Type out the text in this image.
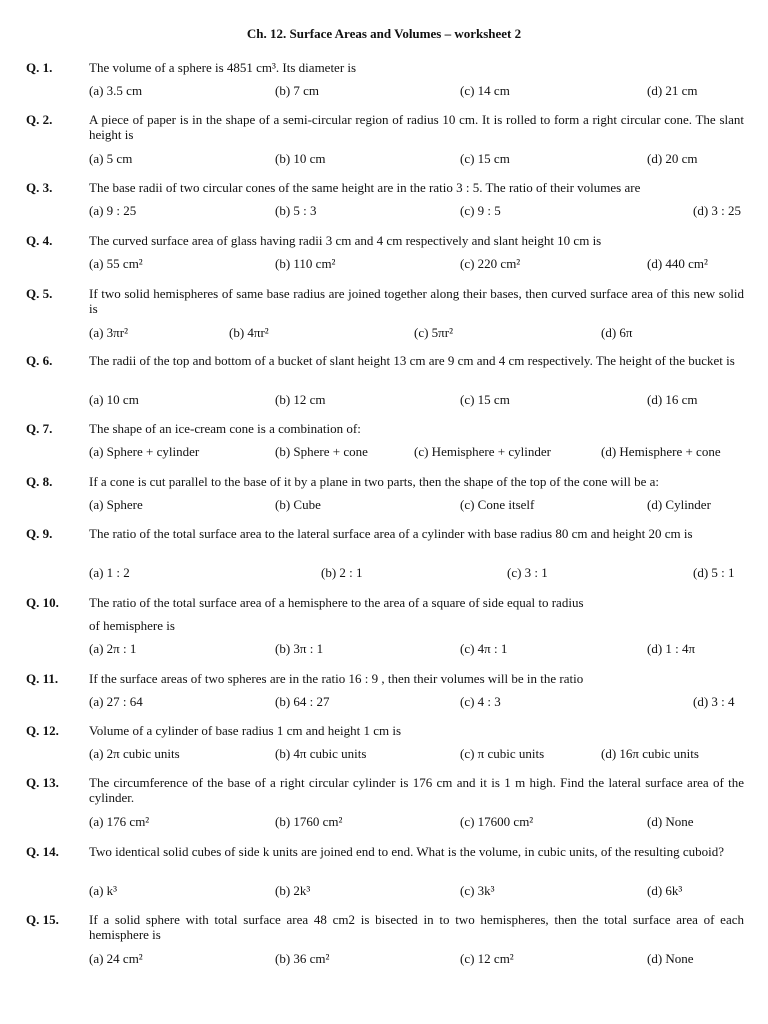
Ch. 12. Surface Areas and Volumes – worksheet 2
Q. 1.	The volume of a sphere is 4851 cm³. Its diameter is
(a) 3.5 cm	(b) 7 cm	(c) 14 cm	(d) 21 cm
Q. 2.	A piece of paper is in the shape of a semi-circular region of radius 10 cm. It is rolled to form a right circular cone. The slant height is
(a) 5 cm	(b) 10 cm	(c) 15 cm	(d) 20 cm
Q. 3.	The base radii of two circular cones of the same height are in the ratio 3 : 5. The ratio of their volumes are
(a) 9 : 25	(b) 5 : 3	(c) 9 : 5	(d) 3 : 25
Q. 4.	The curved surface area of glass having radii 3 cm and 4 cm respectively and slant height 10 cm is
(a) 55 cm²	(b) 110 cm²	(c) 220 cm²	(d) 440 cm²
Q. 5.	If two solid hemispheres of same base radius are joined together along their bases, then curved surface area of this new solid is
(a) 3πr²	(b) 4πr²	(c) 5πr²	(d) 6π
Q. 6.	The radii of the top and bottom of a bucket of slant height 13 cm are 9 cm and 4 cm respectively. The height of the bucket is
(a) 10 cm	(b) 12 cm	(c) 15 cm	(d) 16 cm
Q. 7.	The shape of an ice-cream cone is a combination of:
(a) Sphere + cylinder	(b) Sphere + cone	(c) Hemisphere + cylinder	(d) Hemisphere + cone
Q. 8.	If a cone is cut parallel to the base of it by a plane in two parts, then the shape of the top of the cone will be a:
(a) Sphere	(b) Cube	(c) Cone itself	(d) Cylinder
Q. 9.	The ratio of the total surface area to the lateral surface area of a cylinder with base radius 80 cm and height 20 cm is
(a) 1 : 2	(b) 2 : 1	(c) 3 : 1	(d) 5 : 1
Q. 10. The ratio of the total surface area of a hemisphere to the area of a square of side equal to radius
of hemisphere is
(a) 2π : 1	(b) 3π : 1	(c) 4π : 1	(d) 1 : 4π
Q. 11. If the surface areas of two spheres are in the ratio 16 : 9 , then their volumes will be in the ratio
(a) 27 : 64	(b) 64 : 27	(c) 4 : 3	(d) 3 : 4
Q. 12. Volume of a cylinder of base radius 1 cm and height 1 cm is
(a) 2π cubic units	(b) 4π cubic units	(c) π cubic units	(d) 16π cubic units
Q. 13. The circumference of the base of a right circular cylinder is 176 cm and it is 1 m high. Find the lateral surface area of the cylinder.
(a) 176 cm²	(b) 1760 cm²	(c) 17600 cm²	(d) None
Q. 14. Two identical solid cubes of side k units are joined end to end. What is the volume, in cubic units, of the resulting cuboid?
(a) k³	(b) 2k³	(c) 3k³	(d) 6k³
Q. 15. If a solid sphere with total surface area 48 cm2 is bisected in to two hemispheres, then the total surface area of each hemisphere is
(a) 24 cm²	(b) 36 cm²	(c) 12 cm²	(d) None
